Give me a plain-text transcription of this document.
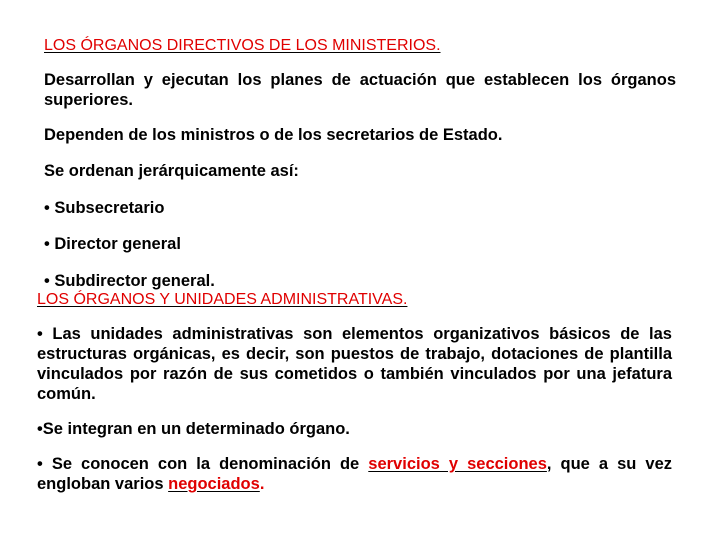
LOS ÓRGANOS DIRECTIVOS DE LOS MINISTERIOS.

Desarrollan y ejecutan los planes de actuación que establecen los órganos superiores.

Dependen de los ministros o de los secretarios de Estado.

Se ordenan jerárquicamente así:

• Subsecretario

• Director general

• Subdirector general.

LOS ÓRGANOS Y UNIDADES ADMINISTRATIVAS.

• Las unidades administrativas son elementos organizativos básicos de las estructuras orgánicas, es decir, son puestos de trabajo, dotaciones de plantilla vinculados por razón de sus cometidos o también vinculados por una jefatura común.

•Se integran en un determinado órgano.

• Se conocen con la denominación de servicios y secciones, que a su vez engloban varios negociados.
